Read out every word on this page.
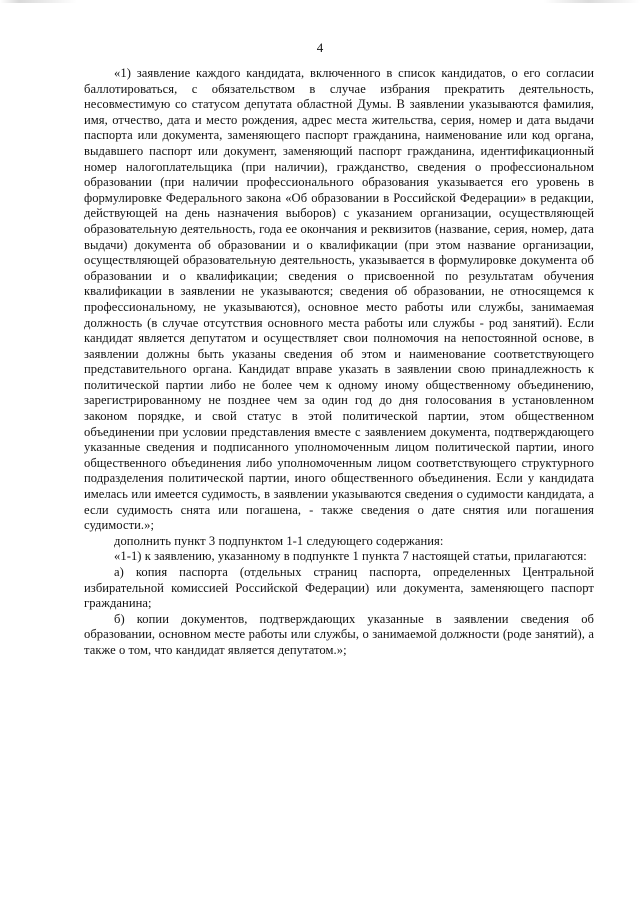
4

«1) заявление каждого кандидата, включенного в список кандидатов, о его согласии баллотироваться, с обязательством в случае избрания прекратить деятельность, несовместимую со статусом депутата областной Думы. В заявлении указываются фамилия, имя, отчество, дата и место рождения, адрес места жительства, серия, номер и дата выдачи паспорта или документа, заменяющего паспорт гражданина, наименование или код органа, выдавшего паспорт или документ, заменяющий паспорт гражданина, идентификационный номер налогоплательщика (при наличии), гражданство, сведения о профессиональном образовании (при наличии профессионального образования указывается его уровень в формулировке Федерального закона «Об образовании в Российской Федерации» в редакции, действующей на день назначения выборов) с указанием организации, осуществляющей образовательную деятельность, года ее окончания и реквизитов (название, серия, номер, дата выдачи) документа об образовании и о квалификации (при этом название организации, осуществляющей образовательную деятельность, указывается в формулировке документа об образовании и о квалификации; сведения о присвоенной по результатам обучения квалификации в заявлении не указываются; сведения об образовании, не относящемся к профессиональному, не указываются), основное место работы или службы, занимаемая должность (в случае отсутствия основного места работы или службы - род занятий). Если кандидат является депутатом и осуществляет свои полномочия на непостоянной основе, в заявлении должны быть указаны сведения об этом и наименование соответствующего представительного органа. Кандидат вправе указать в заявлении свою принадлежность к политической партии либо не более чем к одному иному общественному объединению, зарегистрированному не позднее чем за один год до дня голосования в установленном законом порядке, и свой статус в этой политической партии, этом общественном объединении при условии представления вместе с заявлением документа, подтверждающего указанные сведения и подписанного уполномоченным лицом политической партии, иного общественного объединения либо уполномоченным лицом соответствующего структурного подразделения политической партии, иного общественного объединения. Если у кандидата имелась или имеется судимость, в заявлении указываются сведения о судимости кандидата, а если судимость снята или погашена, - также сведения о дате снятия или погашения судимости.»;

дополнить пункт 3 подпунктом 1-1 следующего содержания:

«1-1) к заявлению, указанному в подпункте 1 пункта 7 настоящей статьи, прилагаются:

а) копия паспорта (отдельных страниц паспорта, определенных Центральной избирательной комиссией Российской Федерации) или документа, заменяющего паспорт гражданина;

б) копии документов, подтверждающих указанные в заявлении сведения об образовании, основном месте работы или службы, о занимаемой должности (роде занятий), а также о том, что кандидат является депутатом.»;
